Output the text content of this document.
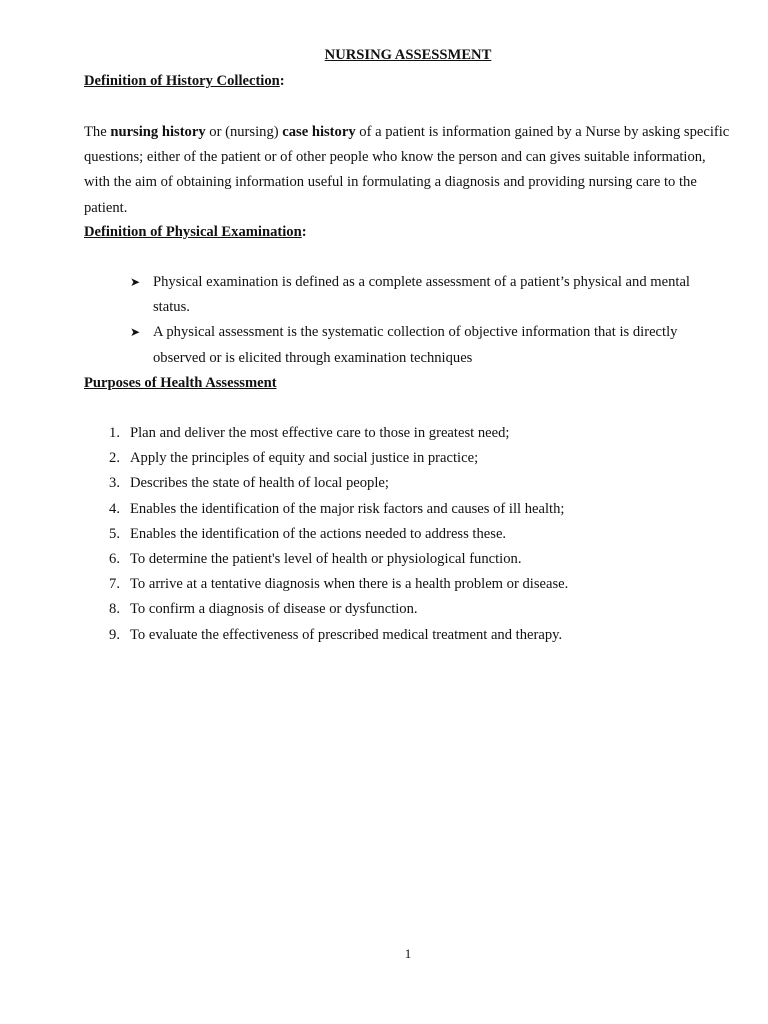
NURSING ASSESSMENT
Definition of History Collection:
The nursing history or (nursing) case history of a patient is information gained by a Nurse by asking specific questions; either of the patient or of other people who know the person and can gives suitable information, with the aim of obtaining information useful in formulating a diagnosis and providing nursing care to the patient.
Definition of Physical Examination:
➤ Physical examination is defined as a complete assessment of a patient’s physical and mental status.
➤ A physical assessment is the systematic collection of objective information that is directly observed or is elicited through examination techniques
Purposes of Health Assessment
1. Plan and deliver the most effective care to those in greatest need;
2. Apply the principles of equity and social justice in practice;
3. Describes the state of health of local people;
4. Enables the identification of the major risk factors and causes of ill health;
5. Enables the identification of the actions needed to address these.
6. To determine the patient's level of health or physiological function.
7. To arrive at a tentative diagnosis when there is a health problem or disease.
8. To confirm a diagnosis of disease or dysfunction.
9. To evaluate the effectiveness of prescribed medical treatment and therapy.
1
